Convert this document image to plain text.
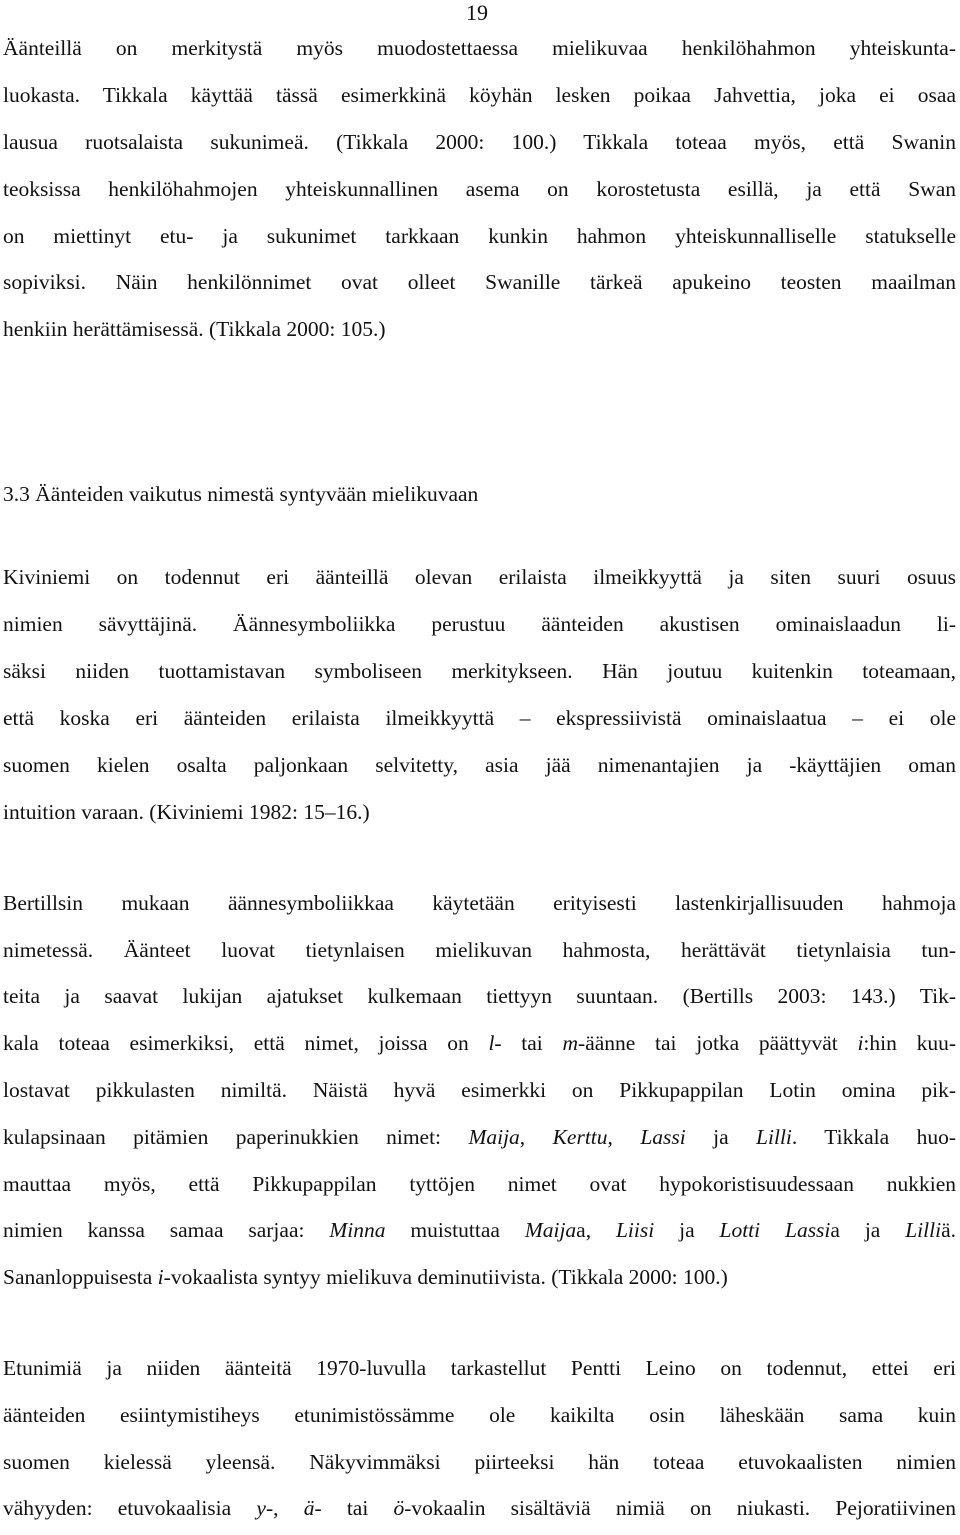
19
Äänteillä on merkitystä myös muodostettaessa mielikuvaa henkilöhahmon yhteiskunta-
luokasta. Tikkala käyttää tässä esimerkkinä köyhän lesken poikaa Jahvettia, joka ei osaa
lausua ruotsalaista sukunimeä. (Tikkala 2000: 100.) Tikkala toteaa myös, että Swanin
teoksissa henkilöhahmojen yhteiskunnallinen asema on korostetusta esillä, ja että Swan
on miettinyt etu- ja sukunimet tarkkaan kunkin hahmon yhteiskunnalliselle statukselle
sopiviksi. Näin henkilönnimet ovat olleet Swanille tärkeä apukeino teosten maailman
henkiin herättämisessä. (Tikkala 2000: 105.)
3.3 Äänteiden vaikutus nimestä syntyvään mielikuvaan
Kiviniemi on todennut eri äänteillä olevan erilaista ilmeikkyyttä ja siten suuri osuus
nimien sävyttäjinä. Äännesymboliikka perustuu äänteiden akustisen ominaislaadun li-
säksi niiden tuottamistavan symboliseen merkitykseen. Hän joutuu kuitenkin toteamaan,
että koska eri äänteiden erilaista ilmeikkyyttä – ekspressiivistä ominaislaatua – ei ole
suomen kielen osalta paljonkaan selvitetty, asia jää nimenantajien ja -käyttäjien oman
intuition varaan. (Kiviniemi 1982: 15–16.)
Bertillsin mukaan äännesymboliikkaa käytetään erityisesti lastenkirjallisuuden hahmoja
nimetessä. Äänteet luovat tietynlaisen mielikuvan hahmosta, herättävät tietynlaisia tun-
teita ja saavat lukijan ajatukset kulkemaan tiettyyn suuntaan. (Bertills 2003: 143.) Tik-
kala toteaa esimerkiksi, että nimet, joissa on l- tai m-äänne tai jotka päättyvät i:hin kuu-
lostavat pikkulasten nimiltä. Näistä hyvä esimerkki on Pikkupappilan Lotin omina pik-
kulapsinaan pitämien paperinukkien nimet: Maija, Kerttu, Lassi ja Lilli. Tikkala huo-
mauttaa myös, että Pikkupappilan tyttöjen nimet ovat hypokoristisuudessaan nukkien
nimien kanssa samaa sarjaa: Minna muistuttaa Maijaa, Liisi ja Lotti Lassia ja Lilliä.
Sananloppuisesta i-vokaalista syntyy mielikuva deminutiivista. (Tikkala 2000: 100.)
Etunimiä ja niiden äänteitä 1970-luvulla tarkastellut Pentti Leino on todennut, ettei eri
äänteiden esiintymistiheys etunimistössämme ole kaikilta osin läheskään sama kuin
suomen kielessä yleensä. Näkyvimmäksi piirteeksi hän toteaa etuvokaalisten nimien
vähyyden: etuvokaalisia y-, ä- tai ö-vokaalin sisältäviä nimiä on niukasti. Pejoratiivinen
